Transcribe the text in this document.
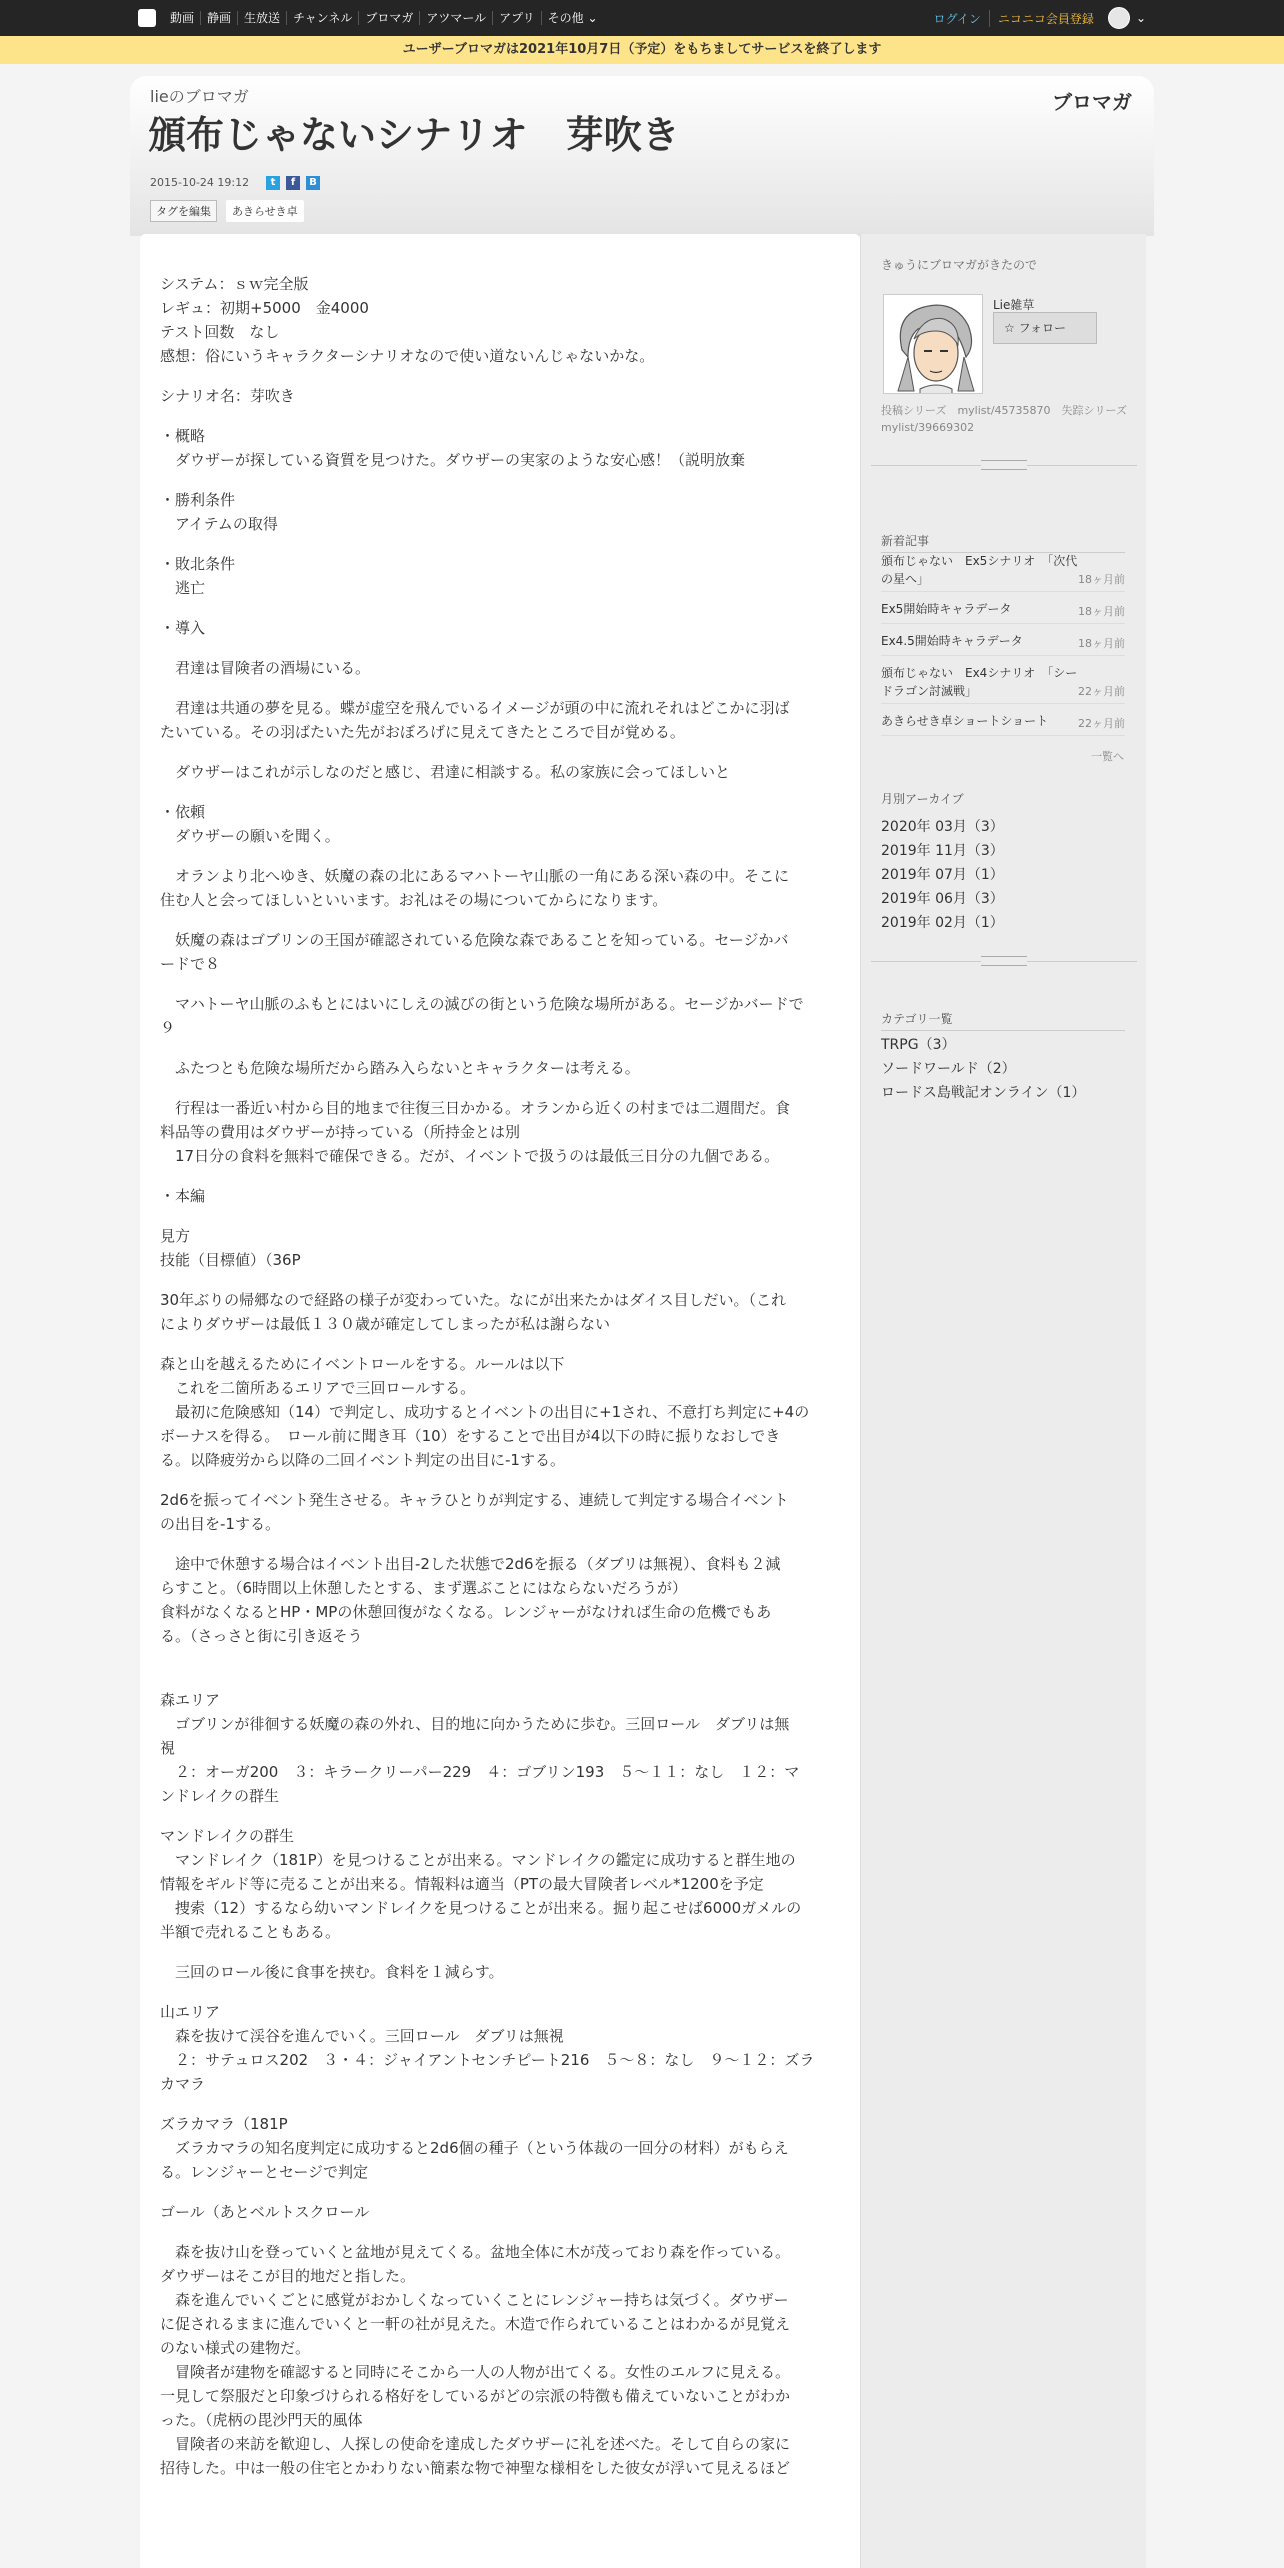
動画	静画	生放送	チャンネル	ブロマガ	アツマール	アプリ	その他 ⌄	ログイン	ニコニコ会員登録	⌄
ユーザーブロマガは2021年10月7日（予定）をもちましてサービスを終了します
lieのブロマガ	ブロマガ
頒布じゃないシナリオ　芽吹き
2015-10-24 19:12	t	f	B
タグを編集	あきらせき卓
システム：ｓｗ完全版
レギュ：初期+5000　金4000
テスト回数　なし
感想：俗にいうキャラクターシナリオなので使い道ないんじゃないかな。

シナリオ名：芽吹き
・概略
　ダウザーが探している資質を見つけた。ダウザーの実家のような安心感！（説明放棄
・勝利条件
　アイテムの取得
・敗北条件
　逃亡
・導入
　君達は冒険者の酒場にいる。
　君達は共通の夢を見る。蝶が虚空を飛んでいるイメージが頭の中に流れそれはどこかに羽ば
たいている。その羽ばたいた先がおぼろげに見えてきたところで目が覚める。
　ダウザーはこれが示しなのだと感じ、君達に相談する。私の家族に会ってほしいと
・依頼
　ダウザーの願いを聞く。
　オランより北へゆき、妖魔の森の北にあるマハトーヤ山脈の一角にある深い森の中。そこに
住む人と会ってほしいといいます。お礼はその場についてからになります。
　妖魔の森はゴブリンの王国が確認されている危険な森であることを知っている。セージかバ
ードで８
　マハトーヤ山脈のふもとにはいにしえの滅びの街という危険な場所がある。セージかバードで
９
　ふたつとも危険な場所だから踏み入らないとキャラクターは考える。
　行程は一番近い村から目的地まで往復三日かかる。オランから近くの村までは二週間だ。食
料品等の費用はダウザーが持っている（所持金とは別
　17日分の食料を無料で確保できる。だが、イベントで扱うのは最低三日分の九個である。
・本編
見方
技能（目標値）（36P
30年ぶりの帰郷なので経路の様子が変わっていた。なにが出来たかはダイス目しだい。（これ
によりダウザーは最低１３０歳が確定してしまったが私は謝らない
森と山を越えるためにイベントロールをする。ルールは以下
　これを二箇所あるエリアで三回ロールする。
　最初に危険感知（14）で判定し、成功するとイベントの出目に+1され、不意打ち判定に+4の
ボーナスを得る。　ロール前に聞き耳（10）をすることで出目が4以下の時に振りなおしでき
る。以降疲労から以降の二回イベント判定の出目に-1する。
2d6を振ってイベント発生させる。キャラひとりが判定する、連続して判定する場合イベント
の出目を-1する。
　途中で休憩する場合はイベント出目-2した状態で2d6を振る（ダブリは無視）、食料も２減
らすこと。（6時間以上休憩したとする、まず選ぶことにはならないだろうが）
食料がなくなるとHP・MPの休憩回復がなくなる。レンジャーがなければ生命の危機でもあ
る。（さっさと街に引き返そう

森エリア
　ゴブリンが徘徊する妖魔の森の外れ、目的地に向かうために歩む。三回ロール　ダブリは無
視
　２：オーガ200　３：キラークリーパー229　４：ゴブリン193　５～１１：なし　１２：マ
ンドレイクの群生
マンドレイクの群生
　マンドレイク（181P）を見つけることが出来る。マンドレイクの鑑定に成功すると群生地の
情報をギルド等に売ることが出来る。情報料は適当（PTの最大冒険者レベル*1200を予定
　捜索（12）するなら幼いマンドレイクを見つけることが出来る。掘り起こせば6000ガメルの
半額で売れることもある。
　三回のロール後に食事を挟む。食料を１減らす。
山エリア
　森を抜けて渓谷を進んでいく。三回ロール　ダブリは無視
　２：サテュロス202　３・４：ジャイアントセンチピート216　５～８：なし　９～１２：ズラ
カマラ
ズラカマラ（181P
　ズラカマラの知名度判定に成功すると2d6個の種子（という体裁の一回分の材料）がもらえ
る。レンジャーとセージで判定
ゴール（あとベルトスクロール
　森を抜け山を登っていくと盆地が見えてくる。盆地全体に木が茂っており森を作っている。
ダウザーはそこが目的地だと指した。
　森を進んでいくごとに感覚がおかしくなっていくことにレンジャー持ちは気づく。ダウザー
に促されるままに進んでいくと一軒の社が見えた。木造で作られていることはわかるが見覚え
のない様式の建物だ。
　冒険者が建物を確認すると同時にそこから一人の人物が出てくる。女性のエルフに見える。
一見して祭服だと印象づけられる格好をしているがどの宗派の特徴も備えていないことがわか
った。（虎柄の毘沙門天的風体
　冒険者の来訪を歓迎し、人探しの使命を達成したダウザーに礼を述べた。そして自らの家に
招待した。中は一般の住宅とかわりない簡素な物で神聖な様相をした彼女が浮いて見えるほど
きゅうにブロマガがきたので
Lie雑草
☆ フォロー
投稿シリーズ　mylist/45735870　失踪シリーズ　mylist/39669302
新着記事
頒布じゃない　Ex5シナリオ　「次代の星へ」	18ヶ月前
Ex5開始時キャラデータ	18ヶ月前
Ex4.5開始時キャラデータ	18ヶ月前
頒布じゃない　Ex4シナリオ　「シードラゴン討滅戦」	22ヶ月前
あきらせき卓ショートショート	22ヶ月前
一覧へ
月別アーカイブ
2020年 03月（3）
2019年 11月（3）
2019年 07月（1）
2019年 06月（3）
2019年 02月（1）
カテゴリ一覧
TRPG（3）
ソードワールド（2）
ロードス島戦記オンライン（1）
